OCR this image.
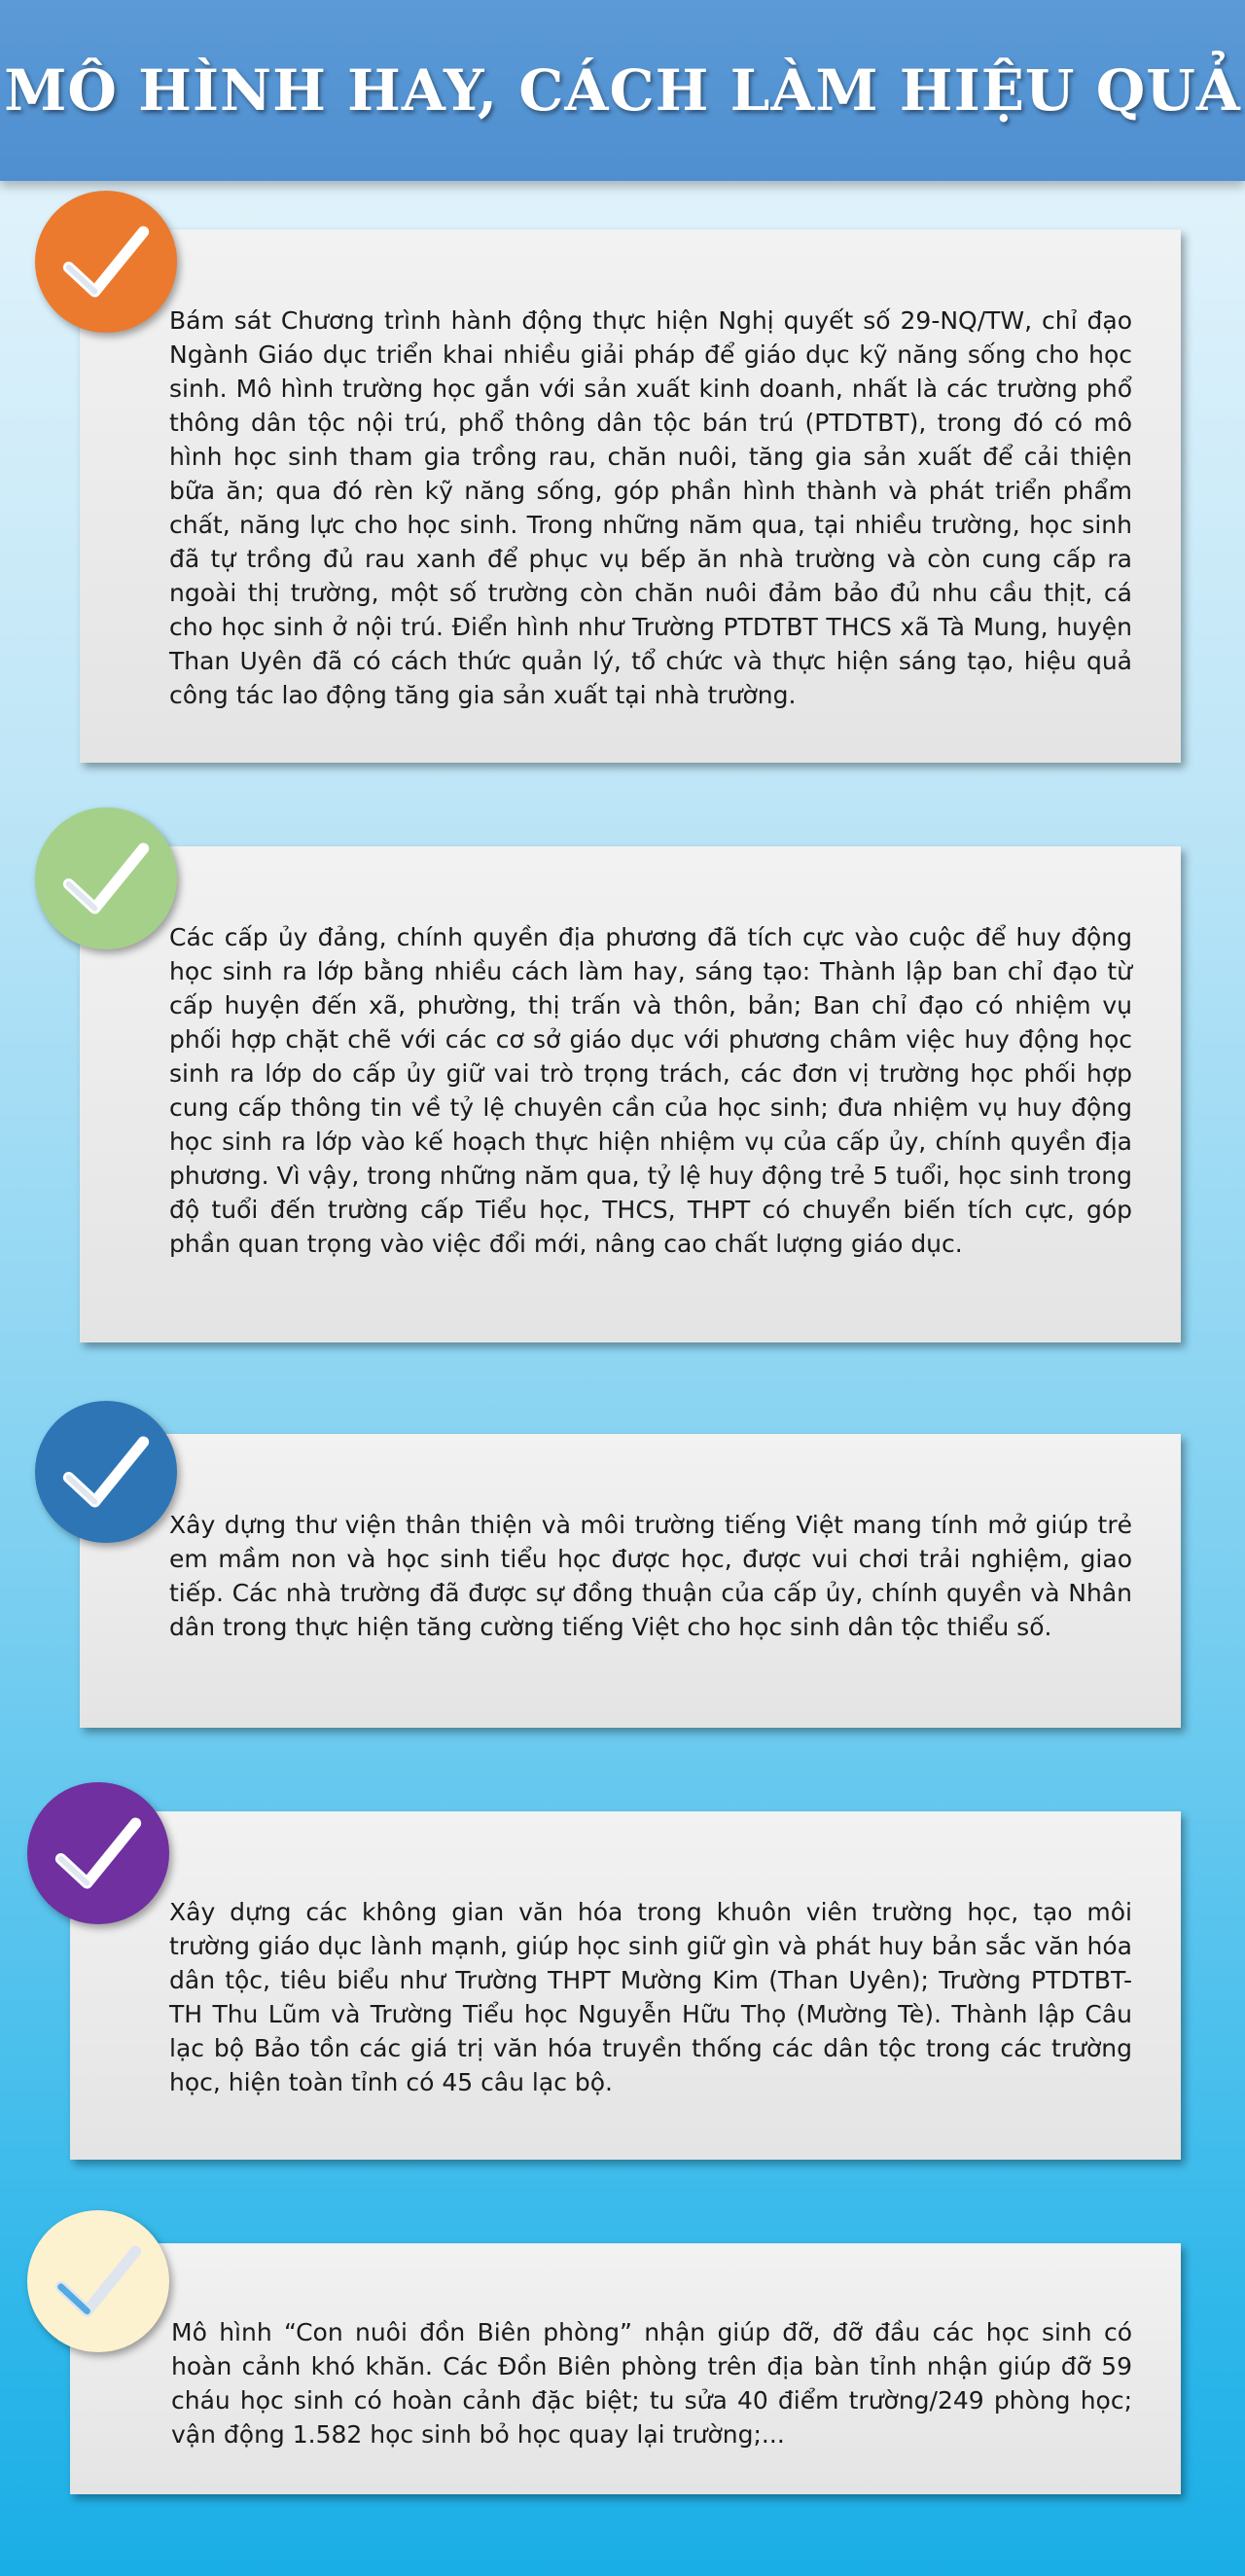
MÔ HÌNH HAY, CÁCH LÀM HIỆU QUẢ

Bám sát Chương trình hành động thực hiện Nghị quyết số 29-NQ/TW, chỉ đạo Ngành Giáo dục triển khai nhiều giải pháp để giáo dục kỹ năng sống cho học sinh. Mô hình trường học gắn với sản xuất kinh doanh, nhất là các trường phổ thông dân tộc nội trú, phổ thông dân tộc bán trú (PTDTBT), trong đó có mô hình học sinh tham gia trồng rau, chăn nuôi, tăng gia sản xuất để cải thiện bữa ăn; qua đó rèn kỹ năng sống, góp phần hình thành và phát triển phẩm chất, năng lực cho học sinh. Trong những năm qua, tại nhiều trường, học sinh đã tự trồng đủ rau xanh để phục vụ bếp ăn nhà trường và còn cung cấp ra ngoài thị trường, một số trường còn chăn nuôi đảm bảo đủ nhu cầu thịt, cá cho học sinh ở nội trú. Điển hình như Trường PTDTBT THCS xã Tà Mung, huyện Than Uyên đã có cách thức quản lý, tổ chức và thực hiện sáng tạo, hiệu quả công tác lao động tăng gia sản xuất tại nhà trường.

Các cấp ủy đảng, chính quyền địa phương đã tích cực vào cuộc để huy động học sinh ra lớp bằng nhiều cách làm hay, sáng tạo: Thành lập ban chỉ đạo từ cấp huyện đến xã, phường, thị trấn và thôn, bản; Ban chỉ đạo có nhiệm vụ phối hợp chặt chẽ với các cơ sở giáo dục với phương châm việc huy động học sinh ra lớp do cấp ủy giữ vai trò trọng trách, các đơn vị trường học phối hợp cung cấp thông tin về tỷ lệ chuyên cần của học sinh; đưa nhiệm vụ huy động học sinh ra lớp vào kế hoạch thực hiện nhiệm vụ của cấp ủy, chính quyền địa phương. Vì vậy, trong những năm qua, tỷ lệ huy động trẻ 5 tuổi, học sinh trong độ tuổi đến trường cấp Tiểu học, THCS, THPT có chuyển biến tích cực, góp phần quan trọng vào việc đổi mới, nâng cao chất lượng giáo dục.

Xây dựng thư viện thân thiện và môi trường tiếng Việt mang tính mở giúp trẻ em mầm non và học sinh tiểu học được học, được vui chơi trải nghiệm, giao tiếp. Các nhà trường đã được sự đồng thuận của cấp ủy, chính quyền và Nhân dân trong thực hiện tăng cường tiếng Việt cho học sinh dân tộc thiểu số.

Xây dựng các không gian văn hóa trong khuôn viên trường học, tạo môi trường giáo dục lành mạnh, giúp học sinh giữ gìn và phát huy bản sắc văn hóa dân tộc, tiêu biểu như Trường THPT Mường Kim (Than Uyên); Trường PTDTBT-TH Thu Lũm và Trường Tiểu học Nguyễn Hữu Thọ (Mường Tè). Thành lập Câu lạc bộ Bảo tồn các giá trị văn hóa truyền thống các dân tộc trong các trường học, hiện toàn tỉnh có 45 câu lạc bộ.

Mô hình “Con nuôi đồn Biên phòng” nhận giúp đỡ, đỡ đầu các học sinh có hoàn cảnh khó khăn. Các Đồn Biên phòng trên địa bàn tỉnh nhận giúp đỡ 59 cháu học sinh có hoàn cảnh đặc biệt; tu sửa 40 điểm trường/249 phòng học; vận động 1.582 học sinh bỏ học quay lại trường;...
